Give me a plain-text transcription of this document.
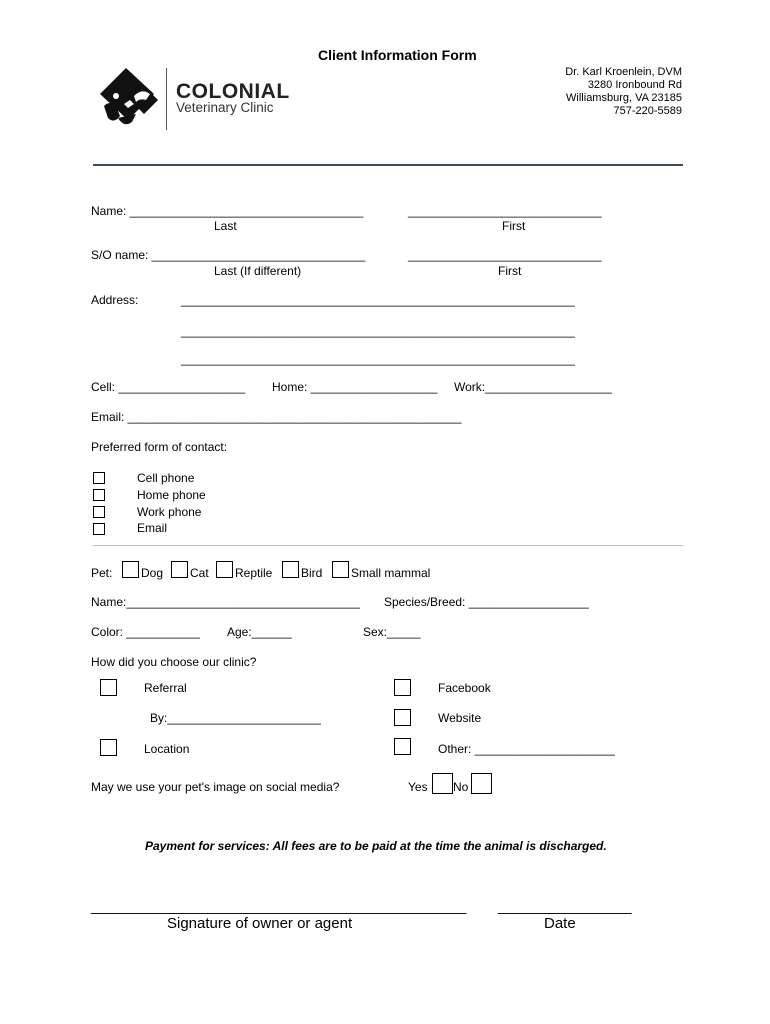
Client Information Form
COLONIAL
Veterinary Clinic
Dr. Karl Kroenlein, DVM
3280 Ironbound Rd
Williamsburg, VA 23185
757-220-5589
Name: ___________________________________	_____________________________
Last	First
S/O name: ________________________________	_____________________________
Last (If different)	First
Address:	___________________________________________________________
___________________________________________________________
___________________________________________________________
Cell: ___________________ Home: ___________________ Work:___________________
Email: __________________________________________________
Preferred form of contact:
Cell phone
Home phone
Work phone
Email
Pet: Dog Cat Reptile Bird Small mammal
Name:___________________________________ Species/Breed: __________________
Color: ___________ Age:______	Sex:_____
How did you choose our clinic?
Referral	Facebook
By:_______________________	Website
Location	Other: _____________________
May we use your pet's image on social media?	Yes No
Payment for services: All fees are to be paid at the time the animal is discharged.
_____________________________________________
Signature of owner or agent
________________
Date
